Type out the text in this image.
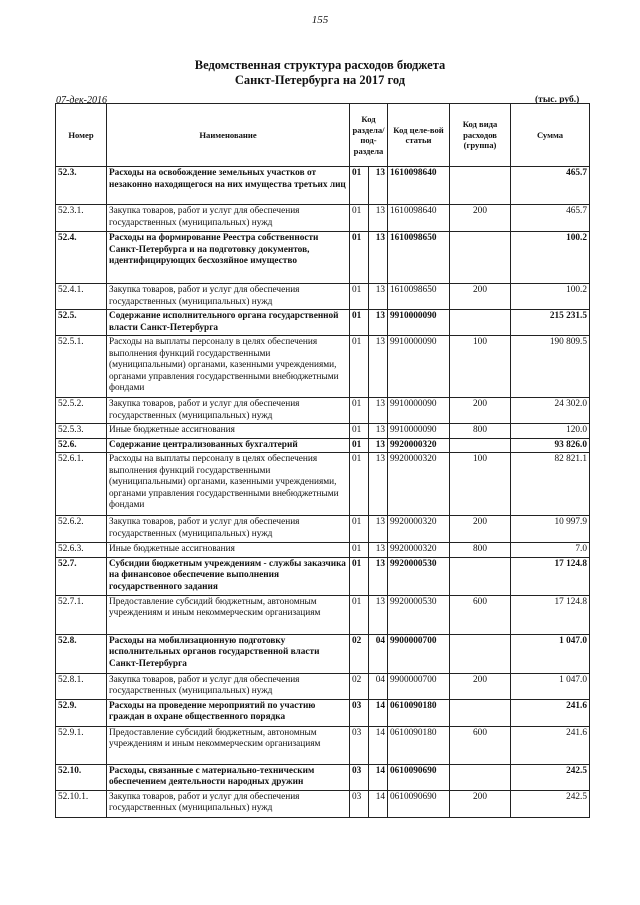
155
Ведомственная структура расходов бюджета
Санкт-Петербурга на 2017 год
07-дек-2016	(тыс. руб.)
Номер	Наименование	Код раздела/ под-раздела		Код целе-вой статьи	Код вида расходов (группа)	Сумма
52.3.	Расходы на освобождение земельных участков от незаконно находящегося на них имущества третьих лиц	01	13	1610098640		465.7
52.3.1.	Закупка товаров, работ и услуг для обеспечения государственных (муниципальных) нужд	01	13	1610098640	200	465.7
52.4.	Расходы на формирование Реестра собственности Санкт-Петербурга и на подготовку документов, идентифицирующих бесхозяйное имущество	01	13	1610098650		100.2
52.4.1.	Закупка товаров, работ и услуг для обеспечения государственных (муниципальных) нужд	01	13	1610098650	200	100.2
52.5.	Содержание исполнительного органа государственной власти Санкт-Петербурга	01	13	9910000090		215 231.5
52.5.1.	Расходы на выплаты персоналу в целях обеспечения выполнения функций государственными (муниципальными) органами, казенными учреждениями, органами управления государственными внебюджетными фондами	01	13	9910000090	100	190 809.5
52.5.2.	Закупка товаров, работ и услуг для обеспечения государственных (муниципальных) нужд	01	13	9910000090	200	24 302.0
52.5.3.	Иные бюджетные ассигнования	01	13	9910000090	800	120.0
52.6.	Содержание централизованных бухгалтерий	01	13	9920000320		93 826.0
52.6.1.	Расходы на выплаты персоналу в целях обеспечения выполнения функций государственными (муниципальными) органами, казенными учреждениями, органами управления государственными внебюджетными фондами	01	13	9920000320	100	82 821.1
52.6.2.	Закупка товаров, работ и услуг для обеспечения государственных (муниципальных) нужд	01	13	9920000320	200	10 997.9
52.6.3.	Иные бюджетные ассигнования	01	13	9920000320	800	7.0
52.7.	Субсидии бюджетным учреждениям - службы заказчика на финансовое обеспечение выполнения государственного задания	01	13	9920000530		17 124.8
52.7.1.	Предоставление субсидий бюджетным, автономным учреждениям и иным некоммерческим организациям	01	13	9920000530	600	17 124.8
52.8.	Расходы на мобилизационную подготовку исполнительных органов государственной власти Санкт-Петербурга	02	04	9900000700		1 047.0
52.8.1.	Закупка товаров, работ и услуг для обеспечения государственных (муниципальных) нужд	02	04	9900000700	200	1 047.0
52.9.	Расходы на проведение мероприятий по участию граждан в охране общественного порядка	03	14	0610090180		241.6
52.9.1.	Предоставление субсидий бюджетным, автономным учреждениям и иным некоммерческим организациям	03	14	0610090180	600	241.6
52.10.	Расходы, связанные с материально-техническим обеспечением деятельности народных дружин	03	14	0610090690		242.5
52.10.1.	Закупка товаров, работ и услуг для обеспечения государственных (муниципальных) нужд	03	14	0610090690	200	242.5
